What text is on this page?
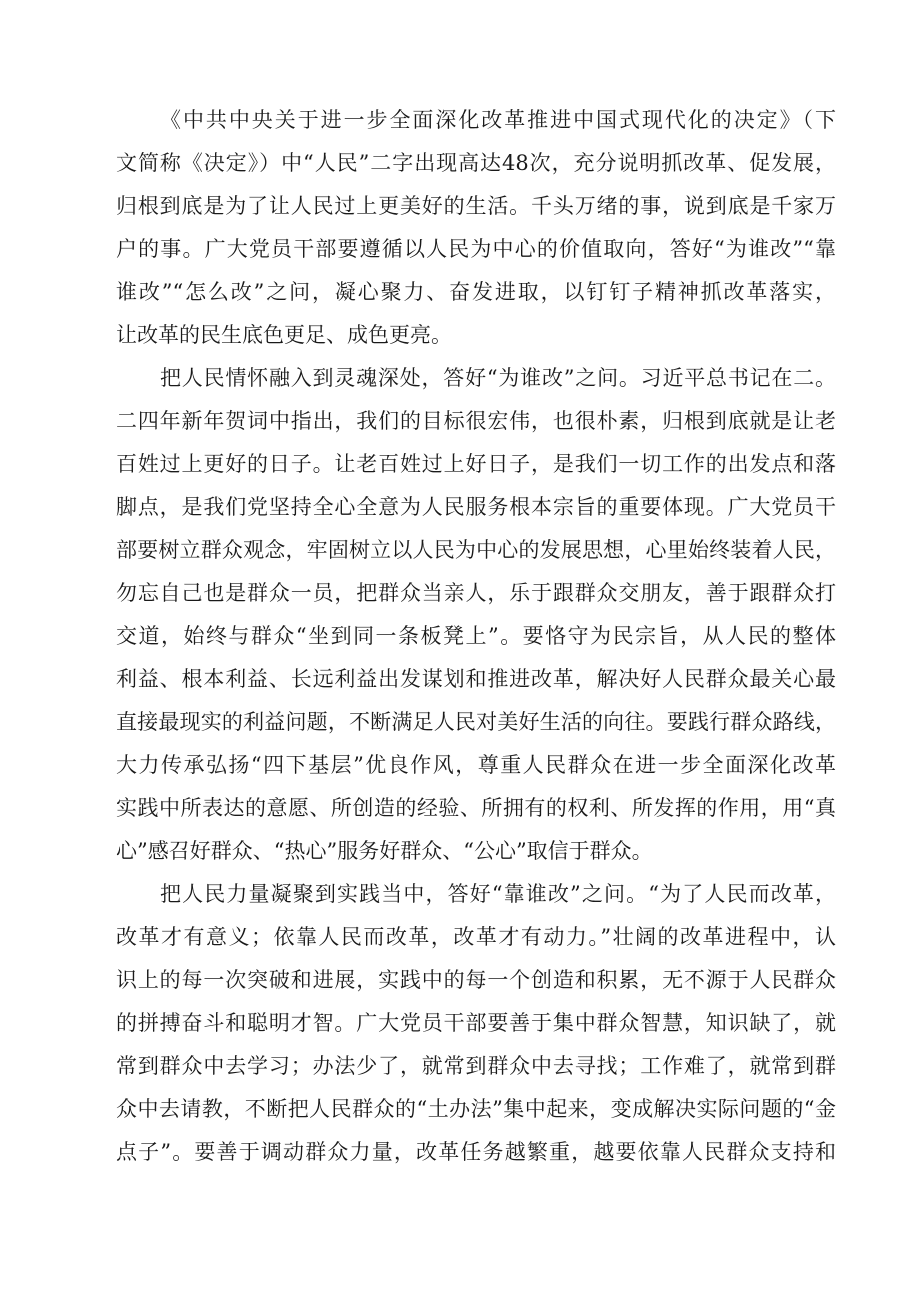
《中共中央关于进一步全面深化改革推进中国式现代化的决定》（下
文简称《决定》）中“人民”二字出现高达48次，充分说明抓改革、促发展，
归根到底是为了让人民过上更美好的生活。千头万绪的事，说到底是千家万
户的事。广大党员干部要遵循以人民为中心的价值取向，答好“为谁改”“靠
谁改”“怎么改”之问，凝心聚力、奋发进取，以钉钉子精神抓改革落实，
让改革的民生底色更足、成色更亮。
把人民情怀融入到灵魂深处，答好“为谁改”之问。习近平总书记在二。
二四年新年贺词中指出，我们的目标很宏伟，也很朴素，归根到底就是让老
百姓过上更好的日子。让老百姓过上好日子，是我们一切工作的出发点和落
脚点，是我们党坚持全心全意为人民服务根本宗旨的重要体现。广大党员干
部要树立群众观念，牢固树立以人民为中心的发展思想，心里始终装着人民，
勿忘自己也是群众一员，把群众当亲人，乐于跟群众交朋友，善于跟群众打
交道，始终与群众“坐到同一条板凳上”。要恪守为民宗旨，从人民的整体
利益、根本利益、长远利益出发谋划和推进改革，解决好人民群众最关心最
直接最现实的利益问题，不断满足人民对美好生活的向往。要践行群众路线，
大力传承弘扬“四下基层”优良作风，尊重人民群众在进一步全面深化改革
实践中所表达的意愿、所创造的经验、所拥有的权利、所发挥的作用，用“真
心”感召好群众、“热心”服务好群众、“公心”取信于群众。
把人民力量凝聚到实践当中，答好“靠谁改”之问。“为了人民而改革，
改革才有意义；依靠人民而改革，改革才有动力。”壮阔的改革进程中，认
识上的每一次突破和进展，实践中的每一个创造和积累，无不源于人民群众
的拼搏奋斗和聪明才智。广大党员干部要善于集中群众智慧，知识缺了，就
常到群众中去学习；办法少了，就常到群众中去寻找；工作难了，就常到群
众中去请教，不断把人民群众的“土办法”集中起来，变成解决实际问题的“金
点子”。要善于调动群众力量，改革任务越繁重，越要依靠人民群众支持和
